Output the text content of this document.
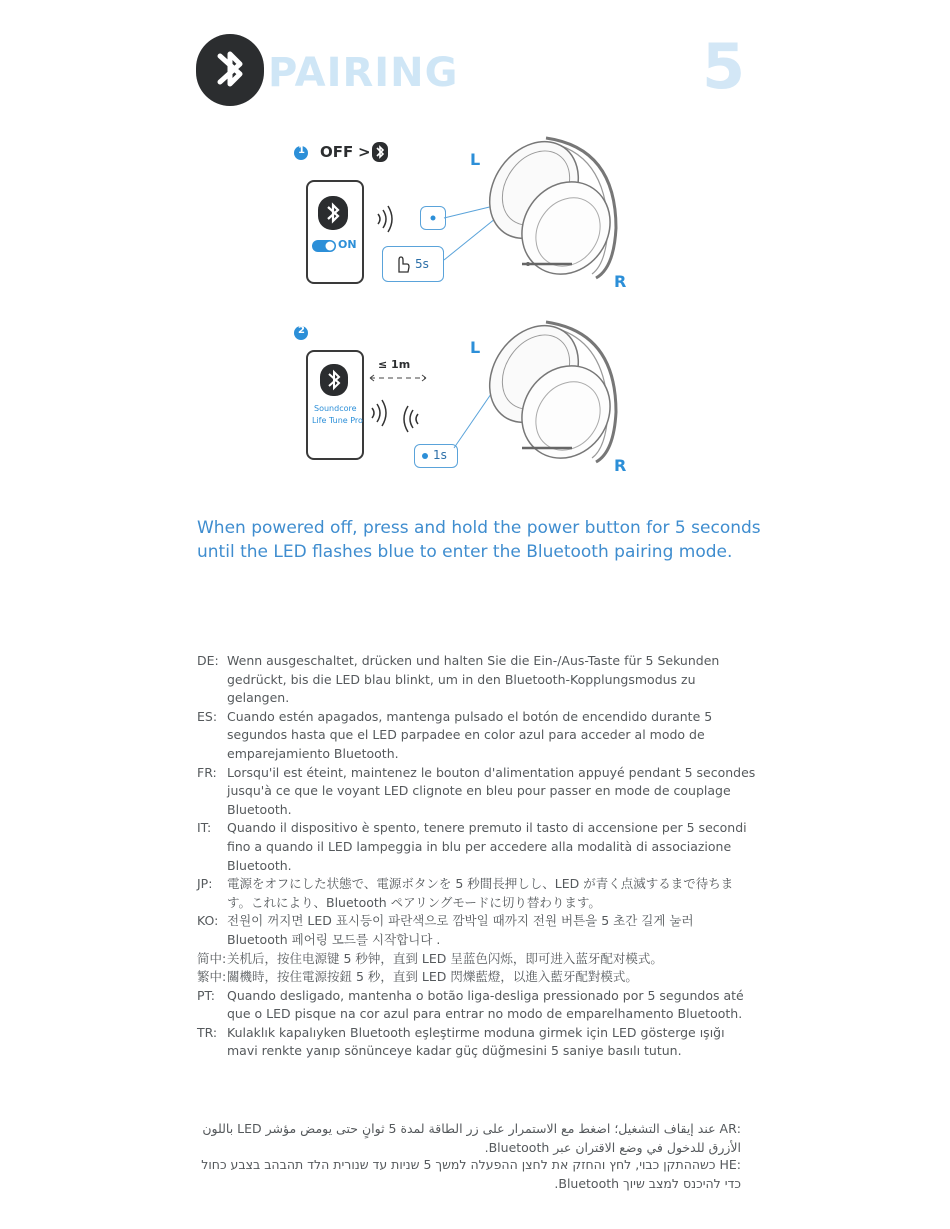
PAIRING	5
1 OFF >
ON
5s
L
R
2
Soundcore
Life Tune Pro
≤ 1m
1s
L
R
When powered off, press and hold the power button for 5 seconds until the LED flashes blue to enter the Bluetooth pairing mode.
DE: Wenn ausgeschaltet, drücken und halten Sie die Ein-/Aus-Taste für 5 Sekunden gedrückt, bis die LED blau blinkt, um in den Bluetooth-Kopplungsmodus zu gelangen.
ES: Cuando estén apagados, mantenga pulsado el botón de encendido durante 5 segundos hasta que el LED parpadee en color azul para acceder al modo de emparejamiento Bluetooth.
FR: Lorsqu'il est éteint, maintenez le bouton d'alimentation appuyé pendant 5 secondes jusqu'à ce que le voyant LED clignote en bleu pour passer en mode de couplage Bluetooth.
IT:	Quando il dispositivo è spento, tenere premuto il tasto di accensione per 5 secondi fino a quando il LED lampeggia in blu per accedere alla modalità di associazione Bluetooth.
JP:	電源をオフにした状態で、電源ボタンを 5 秒間長押しし、LED が青く点滅するまで待ちます。これにより、Bluetooth ペアリングモードに切り替わります。
KO: 전원이 꺼지면 LED 표시등이 파란색으로 깜박일 때까지 전원 버튼을 5 초간 길게 눌러 Bluetooth 페어링 모드를 시작합니다 .
简中: 关机后，按住电源键 5 秒钟，直到 LED 呈蓝色闪烁，即可进入蓝牙配对模式。
繁中: 關機時，按住電源按鈕 5 秒，直到 LED 閃爍藍燈，以進入藍牙配對模式。
PT: Quando desligado, mantenha o botão liga-desliga pressionado por 5 segundos até que o LED pisque na cor azul para entrar no modo de emparelhamento Bluetooth.
TR: Kulaklık kapalıyken Bluetooth eşleştirme moduna girmek için LED gösterge ışığı mavi renkte yanıp sönünceye kadar güç düğmesini 5 saniye basılı tutun.
:AR عند إيقاف التشغيل؛ اضغط مع الاستمرار على زر الطاقة لمدة 5 ثوانٍ حتى يومض مؤشر LED باللون الأزرق للدخول في وضع الاقتران عبر Bluetooth.
:HE כשההתקן כבוי, לחץ והחזק את לחצן ההפעלה למשך 5 שניות עד שנורית הלד תהבהב בצבע כחול כדי להיכנס למצב שיוך Bluetooth.
